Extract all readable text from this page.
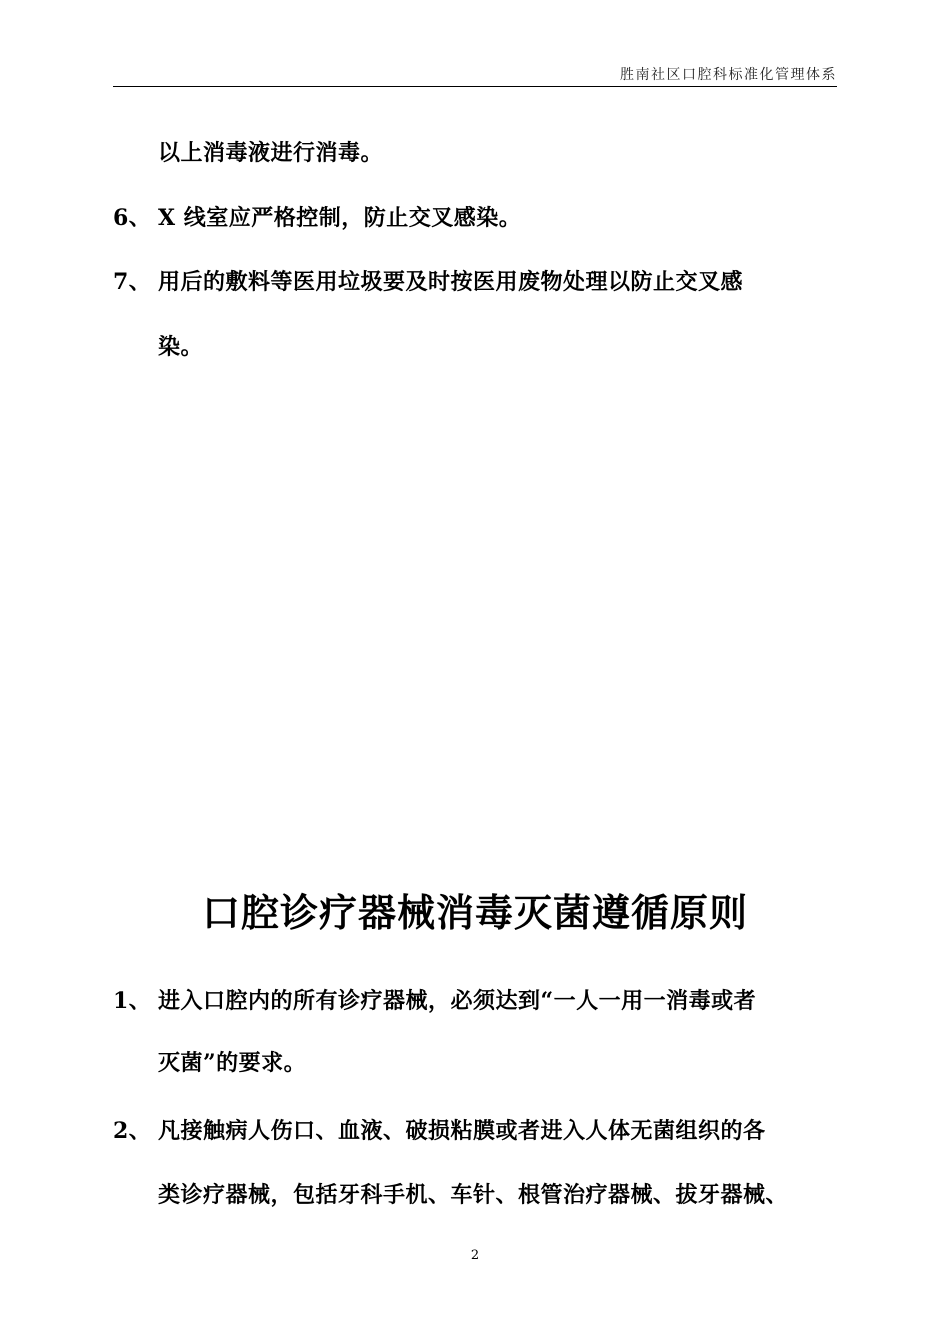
胜南社区口腔科标准化管理体系
以上消毒液进行消毒。
6、 X 线室应严格控制，防止交叉感染。
7、 用后的敷料等医用垃圾要及时按医用废物处理以防止交叉感
染。
口腔诊疗器械消毒灭菌遵循原则
1、 进入口腔内的所有诊疗器械，必须达到“一人一用一消毒或者
灭菌”的要求。
2、 凡接触病人伤口、血液、破损粘膜或者进入人体无菌组织的各
类诊疗器械，包括牙科手机、车针、根管治疗器械、拔牙器械、
2
